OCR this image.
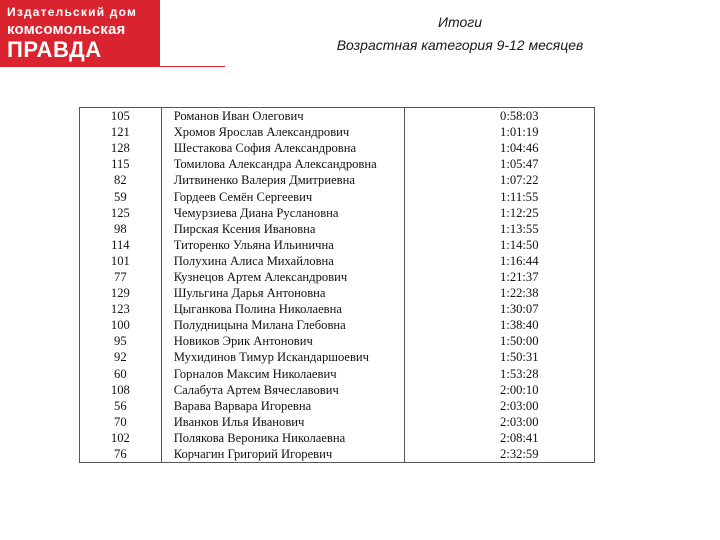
Издательский дом
комсомольская
ПРАВДА
Итоги
Возрастная категория 9-12 месяцев
105	Романов Иван Олегович	0:58:03
121	Хромов Ярослав Александрович	1:01:19
128	Шестакова София Александровна	1:04:46
115	Томилова Александра Александровна	1:05:47
82	Литвиненко Валерия Дмитриевна	1:07:22
59	Гордеев Семён Сергеевич	1:11:55
125	Чемурзиева Диана Руслановна	1:12:25
98	Пирская Ксения Ивановна	1:13:55
114	Титоренко Ульяна Ильинична	1:14:50
101	Полухина Алиса Михайловна	1:16:44
77	Кузнецов Артем Александрович	1:21:37
129	Шульгина Дарья Антоновна	1:22:38
123	Цыганкова Полина Николаевна	1:30:07
100	Полудницына Милана Глебовна	1:38:40
95	Новиков Эрик Антонович	1:50:00
92	Мухидинов Тимур Искандаршоевич	1:50:31
60	Горналов Максим Николаевич	1:53:28
108	Салабута Артем Вячеславович	2:00:10
56	Варава Варвара Игоревна	2:03:00
70	Иванков Илья Иванович	2:03:00
102	Полякова Вероника Николаевна	2:08:41
76	Корчагин Григорий Игоревич	2:32:59
